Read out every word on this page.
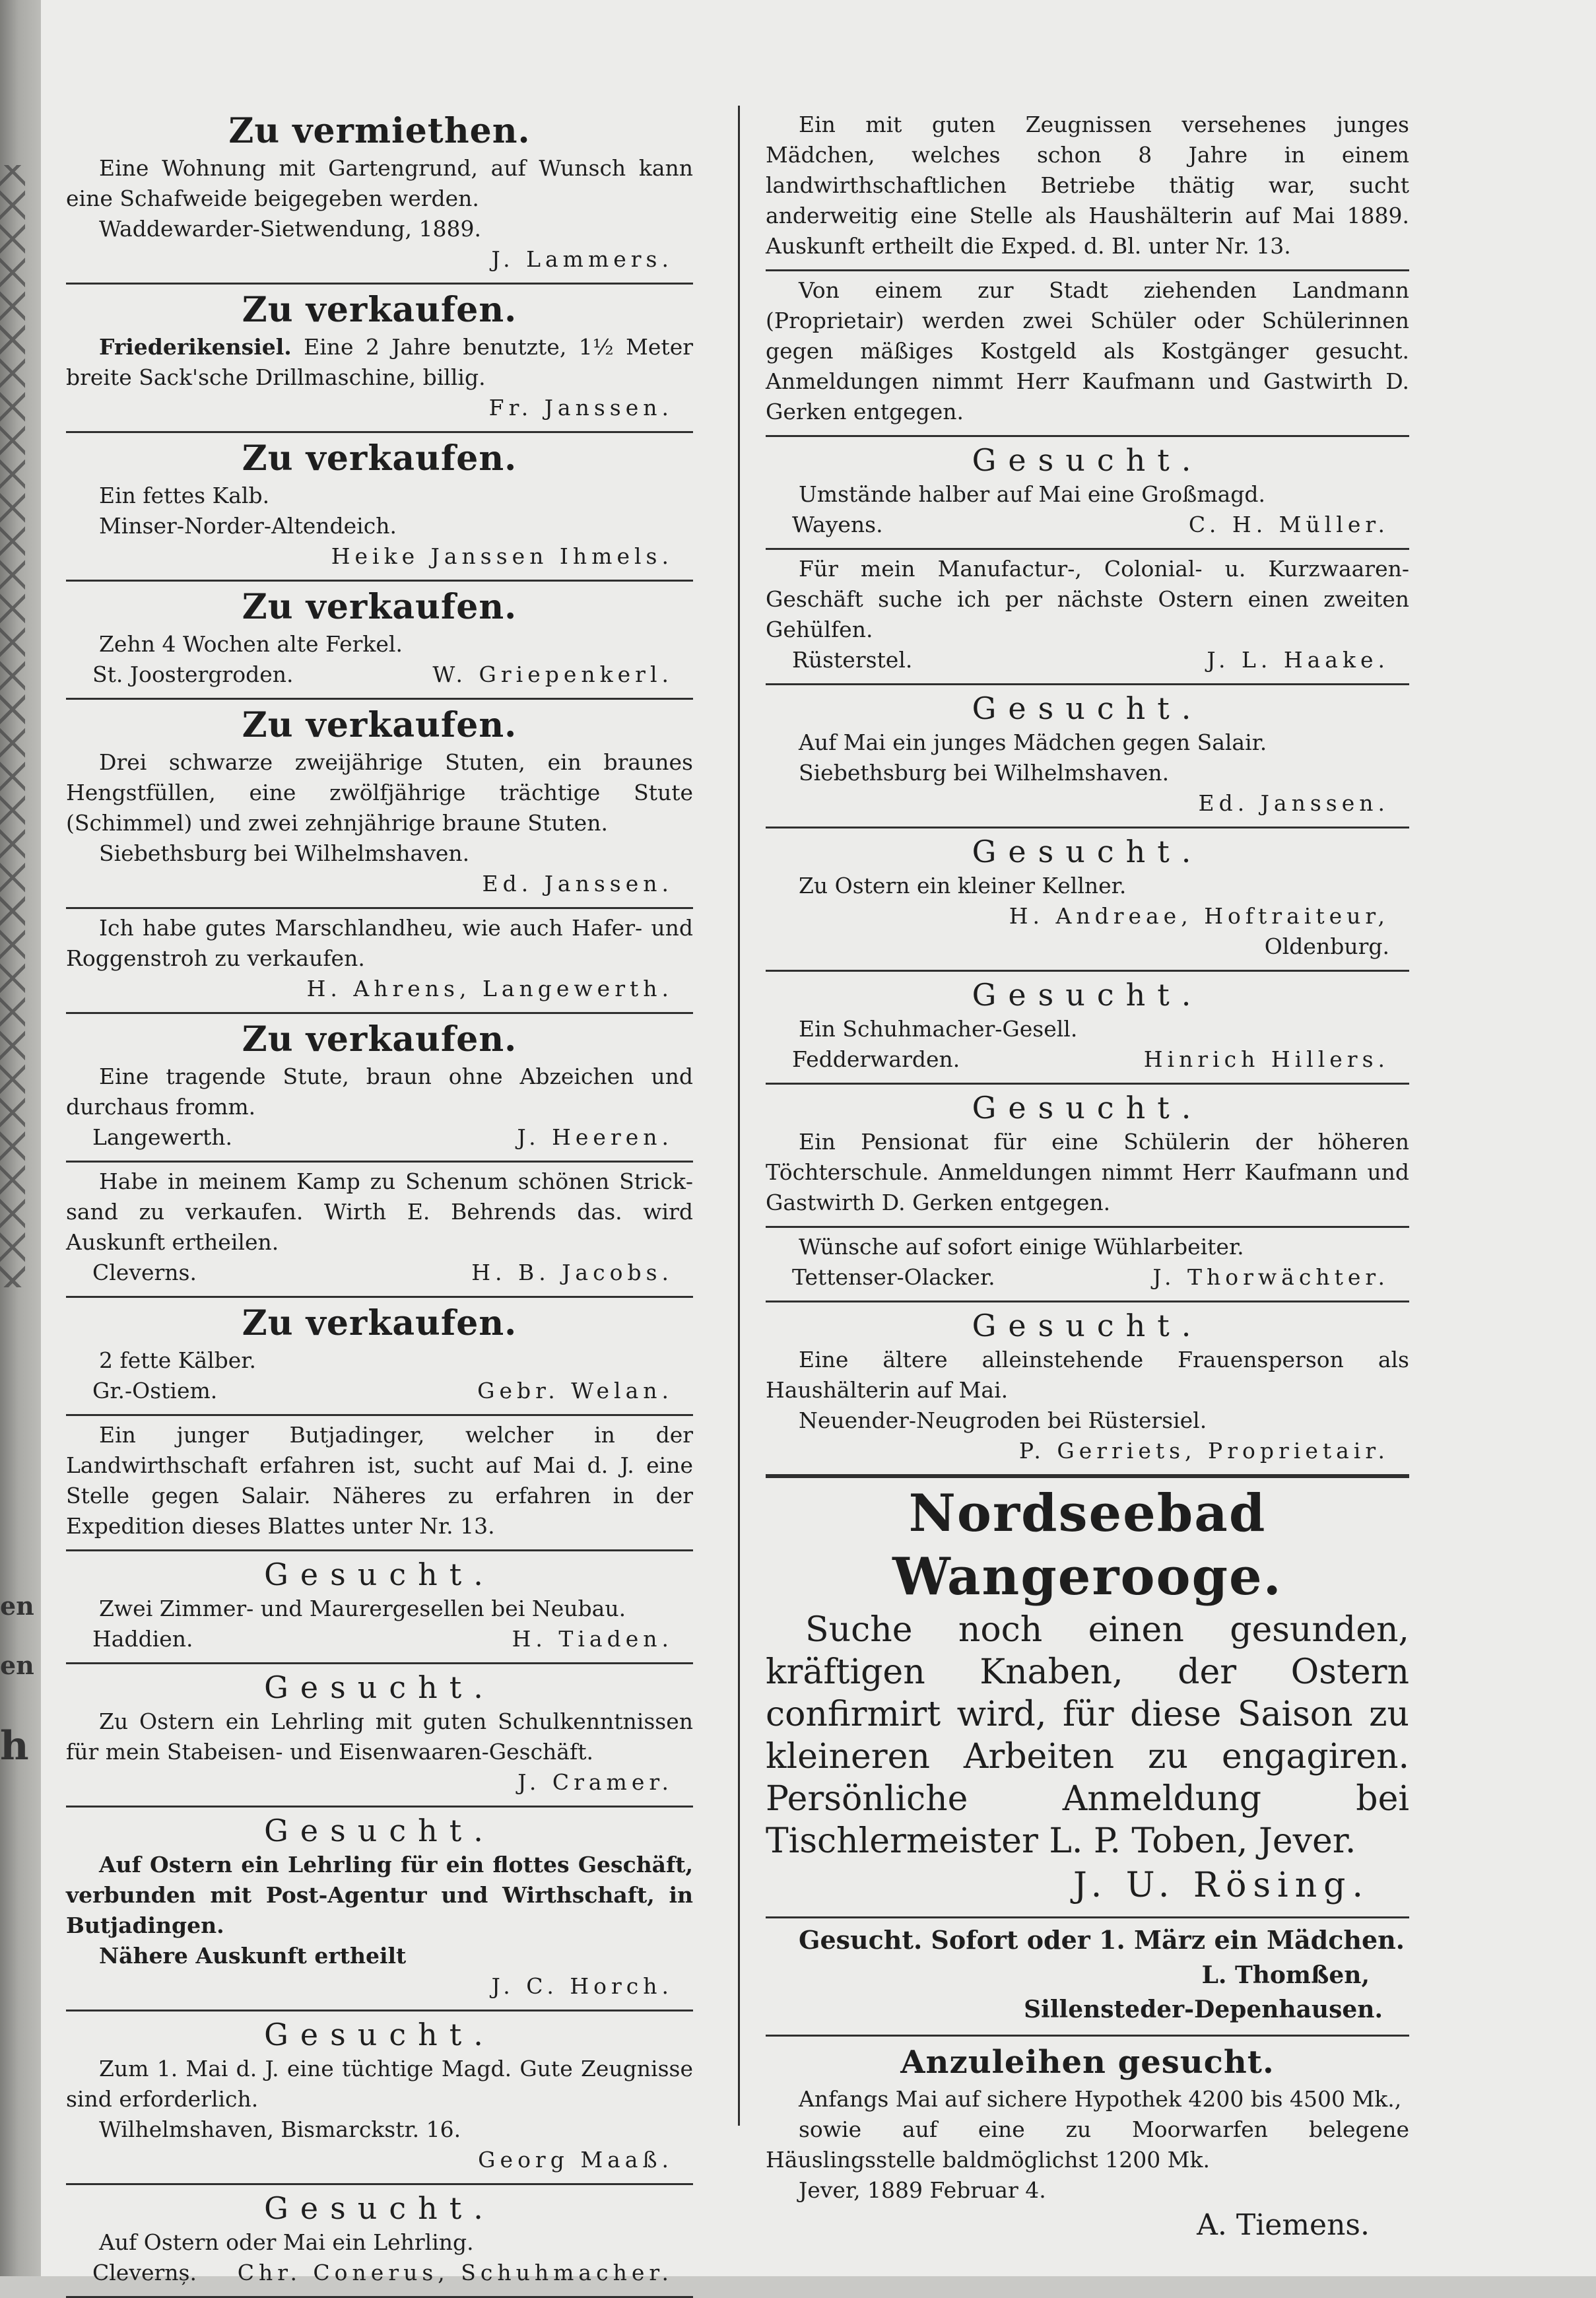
en
en
h
Zu vermiethen.
Eine Wohnung mit Gartengrund, auf Wunsch kann eine Schafweide beigegeben werden.
Waddewarder-Sietwendung, 1889.
J. Lammers.
Zu verkaufen.
Friederikensiel. Eine 2 Jahre benutzte, 1½ Meter breite Sack'sche Drillmaschine, billig.
Fr. Janssen.
Zu verkaufen.
Ein fettes Kalb.
Minser-Norder-Altendeich.
Heike Janssen Ihmels.
Zu verkaufen.
Zehn 4 Wochen alte Ferkel.
St. Joostergroden.	W. Griepenkerl.
Zu verkaufen.
Drei schwarze zweijährige Stuten, ein braunes Hengstfüllen, eine zwölfjährige trächtige Stute (Schimmel) und zwei zehnjährige braune Stuten.
Siebethsburg bei Wilhelmshaven.
Ed. Janssen.
Ich habe gutes Marschlandheu, wie auch Hafer- und Roggenstroh zu verkaufen.
H. Ahrens, Langewerth.
Zu verkaufen.
Eine tragende Stute, braun ohne Abzeichen und durchaus fromm.
Langewerth.	J. Heeren.
Habe in meinem Kamp zu Schenum schönen Stricksand zu verkaufen. Wirth E. Behrends das. wird Auskunft ertheilen.
Cleverns.	H. B. Jacobs.
Zu verkaufen.
2 fette Kälber.
Gr.-Ostiem.	Gebr. Welan.
Ein junger Butjadinger, welcher in der Landwirthschaft erfahren ist, sucht auf Mai d. J. eine Stelle gegen Salair. Näheres zu erfahren in der Expedition dieses Blattes unter Nr. 13.
Gesucht.
Zwei Zimmer- und Maurergesellen bei Neubau.
Haddien.	H. Tiaden.
Gesucht.
Zu Ostern ein Lehrling mit guten Schulkenntnissen für mein Stabeisen- und Eisenwaaren-Geschäft.
J. Cramer.
Gesucht.
Auf Ostern ein Lehrling für ein flottes Geschäft, verbunden mit Post-Agentur und Wirthschaft, in Butjadingen.
Nähere Auskunft ertheilt
J. C. Horch.
Gesucht.
Zum 1. Mai d. J. eine tüchtige Magd. Gute Zeugnisse sind erforderlich.
Wilhelmshaven, Bismarckstr. 16.
Georg Maaß.
Gesucht.
Auf Ostern oder Mai ein Lehrling.
Clevernș. Chr. Conerus, Schuhmacher.
Ein mit guten Zeugnissen versehenes junges Mädchen, welches schon 8 Jahre in einem landwirthschaftlichen Betriebe thätig war, sucht anderweitig eine Stelle als Haushälterin auf Mai 1889. Auskunft ertheilt die Exped. d. Bl. unter Nr. 13.
Von einem zur Stadt ziehenden Landmann (Proprietair) werden zwei Schüler oder Schülerinnen gegen mäßiges Kostgeld als Kostgänger gesucht. Anmeldungen nimmt Herr Kaufmann und Gastwirth D. Gerken entgegen.
Gesucht.
Umstände halber auf Mai eine Großmagd.
Wayens.	C. H. Müller.
Für mein Manufactur-, Colonial- u. Kurzwaaren-Geschäft suche ich per nächste Ostern einen zweiten Gehülfen.
Rüsterstel.	J. L. Haake.
Gesucht.
Auf Mai ein junges Mädchen gegen Salair.
Siebethsburg bei Wilhelmshaven.
Ed. Janssen.
Gesucht.
Zu Ostern ein kleiner Kellner.
H. Andreae, Hoftraiteur,
Oldenburg.
Gesucht.
Ein Schuhmacher-Gesell.
Fedderwarden.	Hinrich Hillers.
Gesucht.
Ein Pensionat für eine Schülerin der höheren Töchterschule. Anmeldungen nimmt Herr Kaufmann und Gastwirth D. Gerken entgegen.
Wünsche auf sofort einige Wühlarbeiter.
Tettenser-Olacker.	J. Thorwächter.
Gesucht.
Eine ältere alleinstehende Frauensperson als Haushälterin auf Mai.
Neuender-Neugroden bei Rüstersiel.
P. Gerriets, Proprietair.
Nordseebad Wangerooge.
Suche noch einen gesunden, kräftigen Knaben, der Ostern confirmirt wird, für diese Saison zu kleineren Arbeiten zu engagiren. Persönliche Anmeldung bei Tischlermeister L. P. Toben, Jever.
J. U. Rösing.
Gesucht. Sofort oder 1. März ein Mädchen.
L. Thomßen,
Sillensteder-Depenhausen.
Anzuleihen gesucht.
Anfangs Mai auf sichere Hypothek 4200 bis 4500 Mk.,
sowie auf eine zu Moorwarfen belegene Häuslingsstelle baldmöglichst 1200 Mk.
Jever, 1889 Februar 4.
A. Tiemens.
